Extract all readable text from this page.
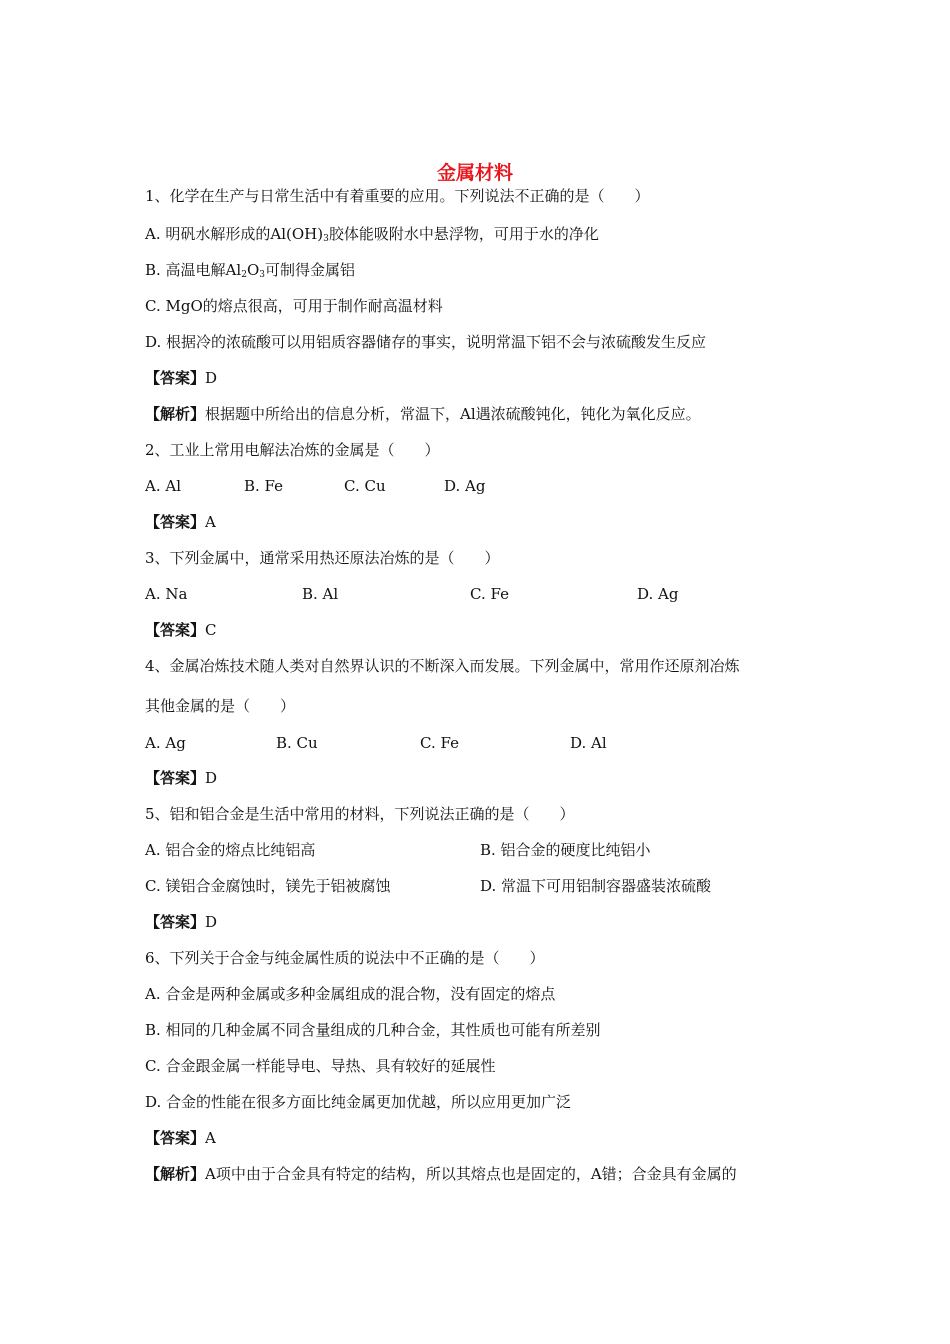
金属材料
1、化学在生产与日常生活中有着重要的应用。下列说法不正确的是（　　）
A. 明矾水解形成的$Al(OH)_3$胶体能吸附水中悬浮物，可用于水的净化
B. 高温电解$Al_2O_3$可制得金属铝
C. MgO的熔点很高，可用于制作耐高温材料
D. 根据冷的浓硫酸可以用铝质容器储存的事实，说明常温下铝不会与浓硫酸发生反应
【答案】D
【解析】根据题中所给出的信息分析，常温下，Al遇浓硫酸钝化，钝化为氧化反应。
2、工业上常用电解法冶炼的金属是（　　）
A. Al	B. Fe	C. Cu	D. Ag
【答案】A
3、下列金属中，通常采用热还原法冶炼的是（　　）
A. Na	B. Al	C. Fe	D. Ag
【答案】C
4、金属冶炼技术随人类对自然界认识的不断深入而发展。下列金属中，常用作还原剂冶炼
其他金属的是（　　）
A. Ag	B. Cu	C. Fe	D. Al
【答案】D
5、铝和铝合金是生活中常用的材料，下列说法正确的是（　　）
A. 铝合金的熔点比纯铝高	B. 铝合金的硬度比纯铝小
C. 镁铝合金腐蚀时，镁先于铝被腐蚀	D. 常温下可用铝制容器盛装浓硫酸
【答案】D
6、下列关于合金与纯金属性质的说法中不正确的是（　　）
A. 合金是两种金属或多种金属组成的混合物，没有固定的熔点
B. 相同的几种金属不同含量组成的几种合金，其性质也可能有所差别
C. 合金跟金属一样能导电、导热、具有较好的延展性
D. 合金的性能在很多方面比纯金属更加优越，所以应用更加广泛
【答案】A
【解析】A项中由于合金具有特定的结构，所以其熔点也是固定的，A错；合金具有金属的
